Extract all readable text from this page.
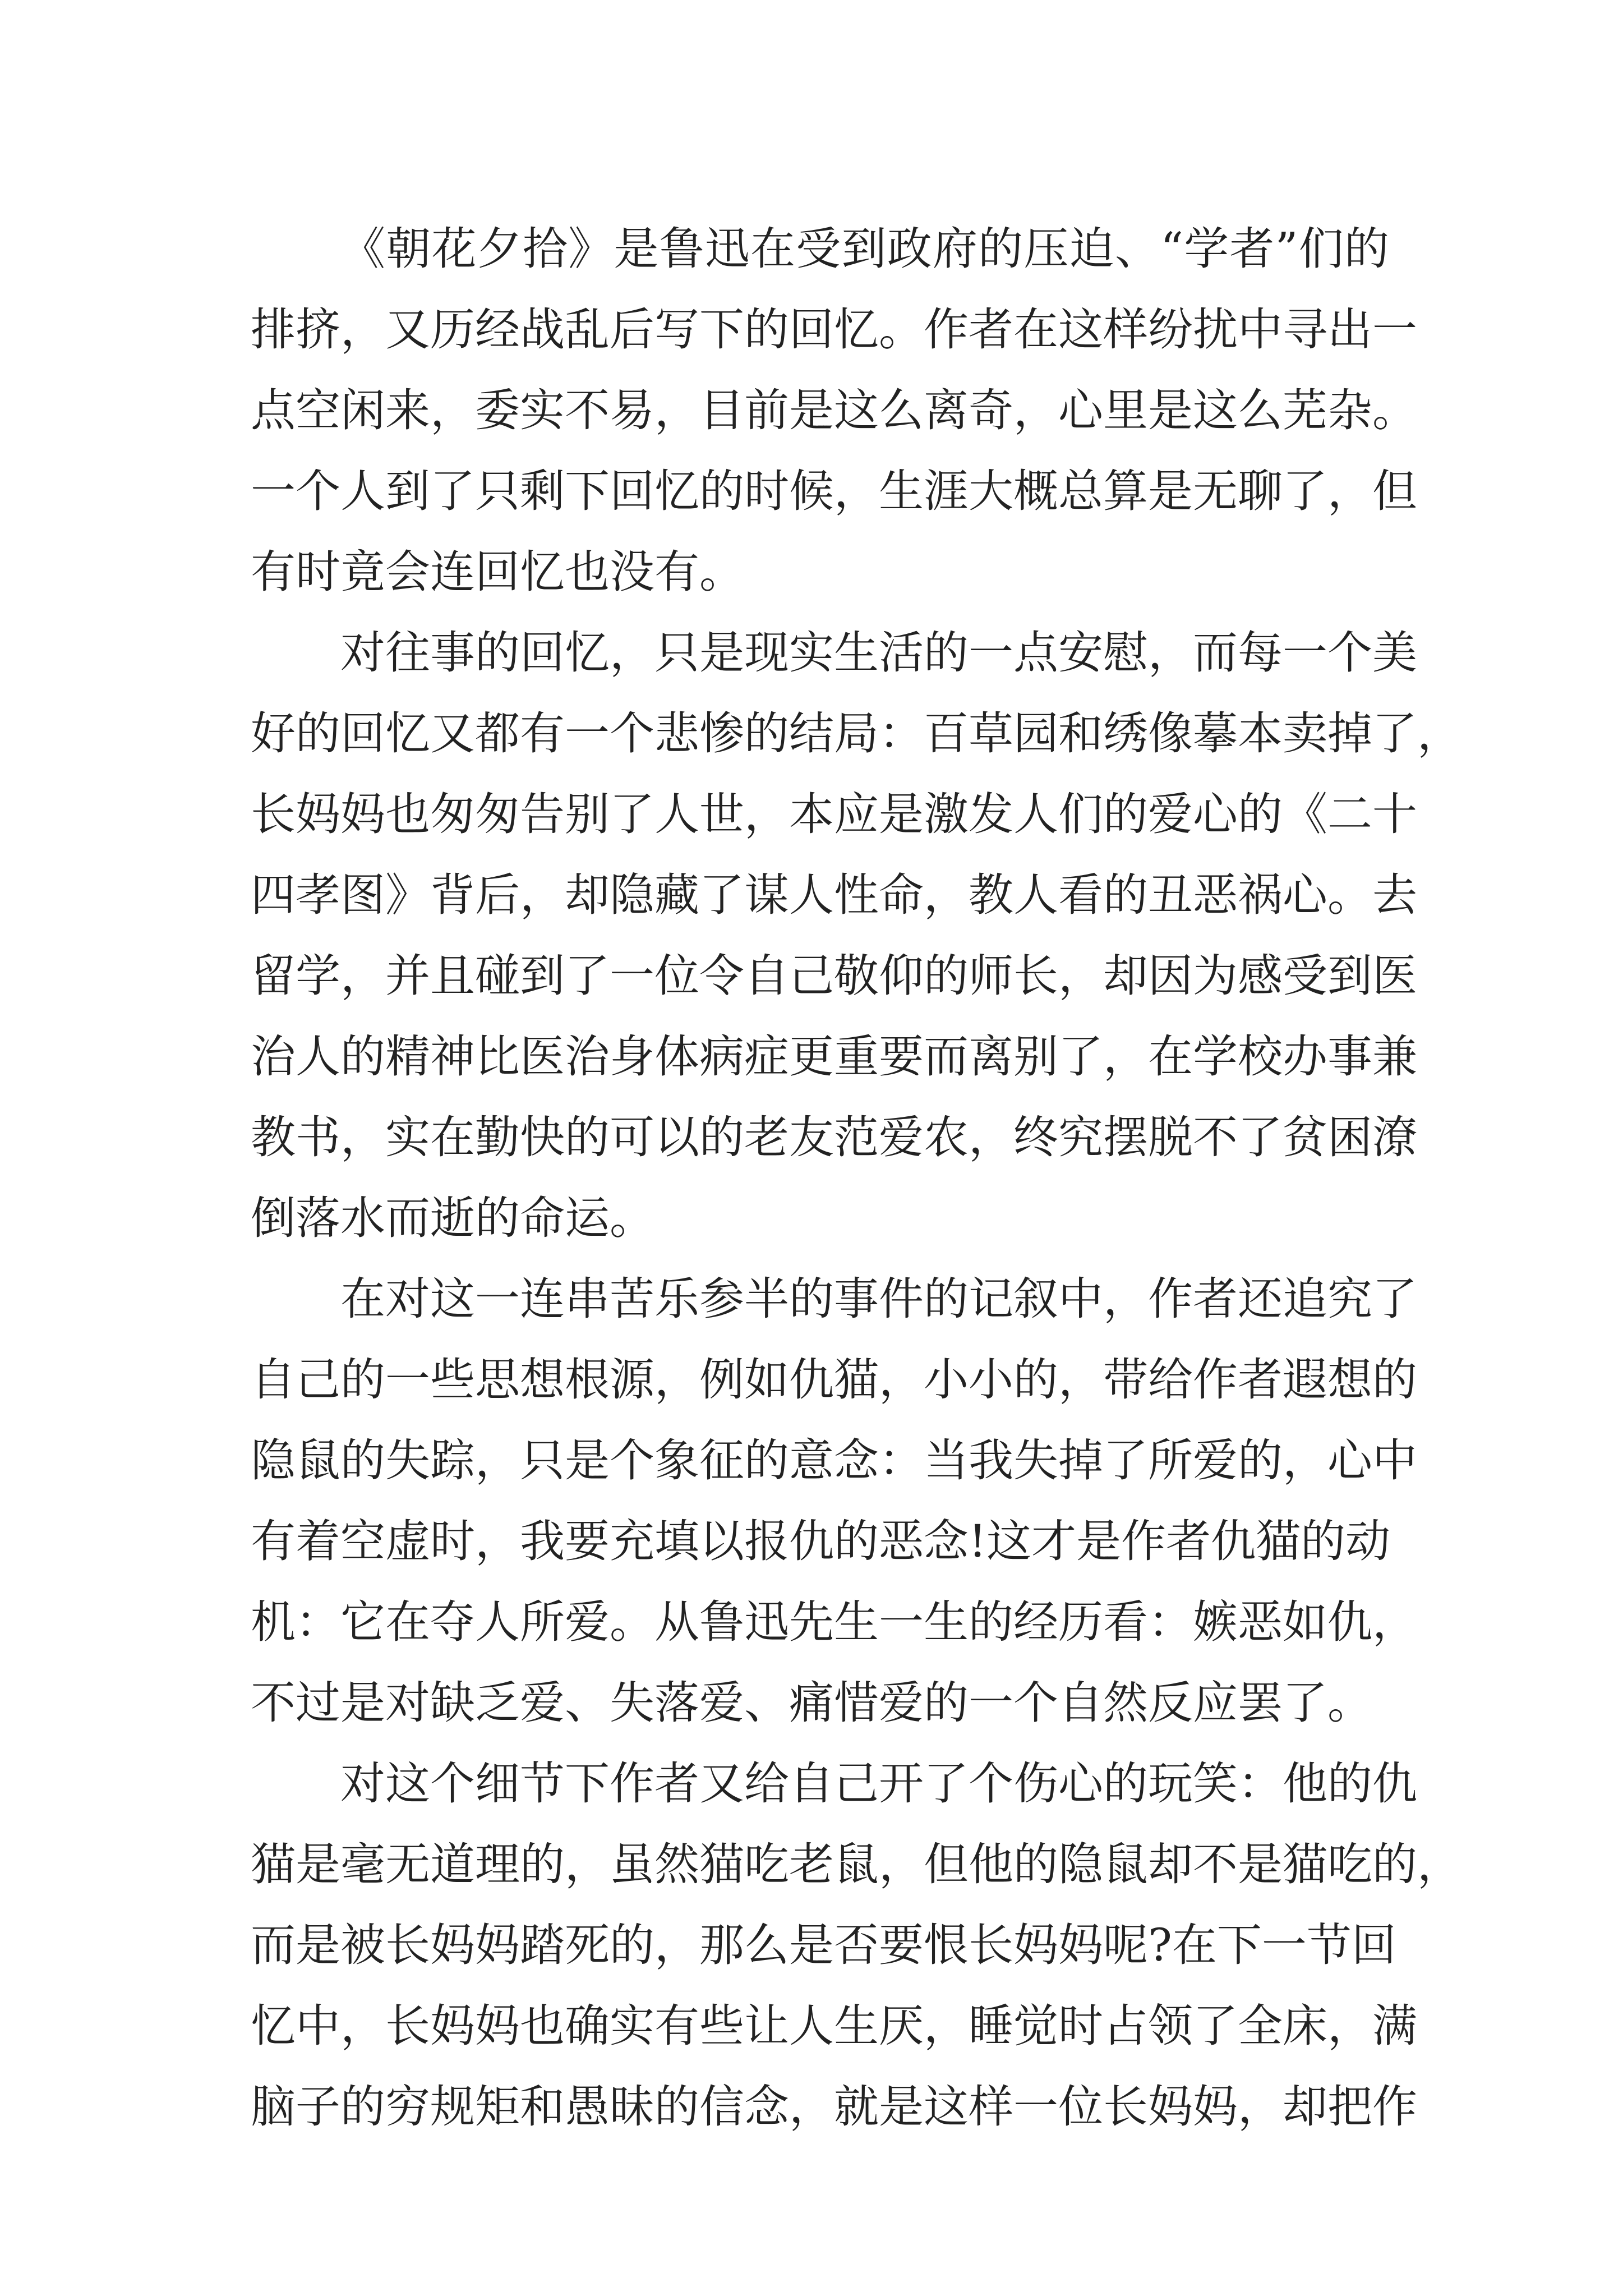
《朝花夕拾》是鲁迅在受到政府的压迫、“学者”们的
排挤，又历经战乱后写下的回忆。作者在这样纷扰中寻出一
点空闲来，委实不易，目前是这么离奇，心里是这么芜杂。
一个人到了只剩下回忆的时候，生涯大概总算是无聊了，但
有时竟会连回忆也没有。
对往事的回忆，只是现实生活的一点安慰，而每一个美
好的回忆又都有一个悲惨的结局：百草园和绣像摹本卖掉了，
长妈妈也匆匆告别了人世，本应是激发人们的爱心的《二十
四孝图》背后，却隐藏了谋人性命，教人看的丑恶祸心。去
留学，并且碰到了一位令自己敬仰的师长，却因为感受到医
治人的精神比医治身体病症更重要而离别了，在学校办事兼
教书，实在勤快的可以的老友范爱农，终究摆脱不了贫困潦
倒落水而逝的命运。
在对这一连串苦乐参半的事件的记叙中，作者还追究了
自己的一些思想根源，例如仇猫，小小的，带给作者遐想的
隐鼠的失踪，只是个象征的意念：当我失掉了所爱的，心中
有着空虚时，我要充填以报仇的恶念!这才是作者仇猫的动
机：它在夺人所爱。从鲁迅先生一生的经历看：嫉恶如仇，
不过是对缺乏爱、失落爱、痛惜爱的一个自然反应罢了。
对这个细节下作者又给自己开了个伤心的玩笑：他的仇
猫是毫无道理的，虽然猫吃老鼠，但他的隐鼠却不是猫吃的，
而是被长妈妈踏死的，那么是否要恨长妈妈呢?在下一节回
忆中，长妈妈也确实有些让人生厌，睡觉时占领了全床，满
脑子的穷规矩和愚昧的信念，就是这样一位长妈妈，却把作
